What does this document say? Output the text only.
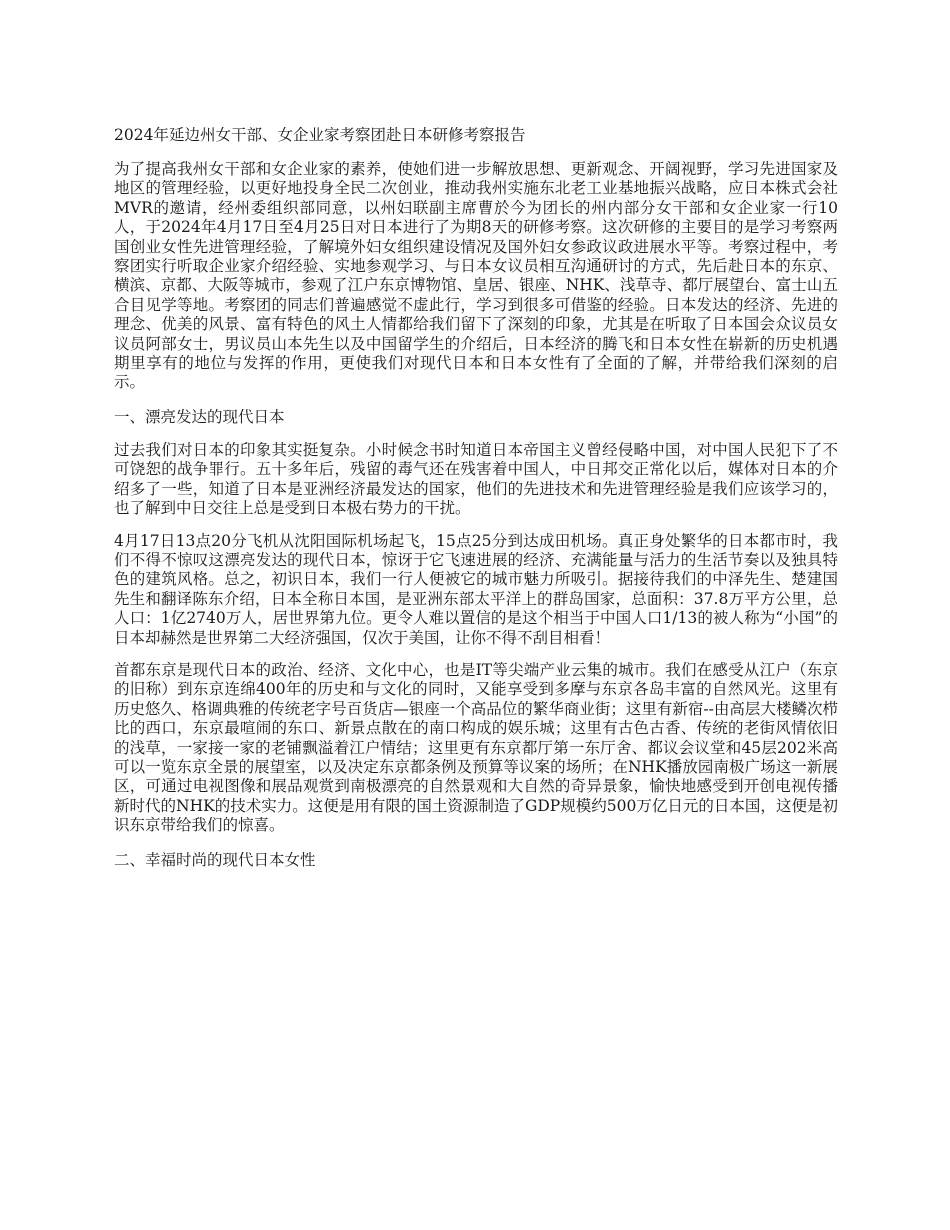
2024年延边州女干部、女企业家考察团赴日本研修考察报告

为了提高我州女干部和女企业家的素养，使她们进一步解放思想、更新观念、开阔视野，学习先进国家及地区的管理经验，以更好地投身全民二次创业，推动我州实施东北老工业基地振兴战略，应日本株式会社MVR的邀请，经州委组织部同意，以州妇联副主席曹於今为团长的州内部分女干部和女企业家一行10人，于2024年4月17日至4月25日对日本进行了为期8天的研修考察。这次研修的主要目的是学习考察两国创业女性先进管理经验，了解境外妇女组织建设情况及国外妇女参政议政进展水平等。考察过程中，考察团实行听取企业家介绍经验、实地参观学习、与日本女议员相互沟通研讨的方式，先后赴日本的东京、横滨、京都、大阪等城市，参观了江户东京博物馆、皇居、银座、NHK、浅草寺、都厅展望台、富士山五合目见学等地。考察团的同志们普遍感觉不虚此行，学习到很多可借鉴的经验。日本发达的经济、先进的理念、优美的风景、富有特色的风土人情都给我们留下了深刻的印象，尤其是在听取了日本国会众议员女议员阿部女士，男议员山本先生以及中国留学生的介绍后，日本经济的腾飞和日本女性在崭新的历史机遇期里享有的地位与发挥的作用，更使我们对现代日本和日本女性有了全面的了解，并带给我们深刻的启示。

一、漂亮发达的现代日本

过去我们对日本的印象其实挺复杂。小时候念书时知道日本帝国主义曾经侵略中国，对中国人民犯下了不可饶恕的战争罪行。五十多年后，残留的毒气还在残害着中国人，中日邦交正常化以后，媒体对日本的介绍多了一些，知道了日本是亚洲经济最发达的国家，他们的先进技术和先进管理经验是我们应该学习的，也了解到中日交往上总是受到日本极右势力的干扰。

4月17日13点20分飞机从沈阳国际机场起飞，15点25分到达成田机场。真正身处繁华的日本都市时，我们不得不惊叹这漂亮发达的现代日本，惊讶于它飞速进展的经济、充满能量与活力的生活节奏以及独具特色的建筑风格。总之，初识日本，我们一行人便被它的城市魅力所吸引。据接待我们的中泽先生、楚建国先生和翻译陈东介绍，日本全称日本国，是亚洲东部太平洋上的群岛国家，总面积：37.8万平方公里，总人口：1亿2740万人，居世界第九位。更令人难以置信的是这个相当于中国人口1/13的被人称为“小国”的日本却赫然是世界第二大经济强国，仅次于美国，让你不得不刮目相看！

首都东京是现代日本的政治、经济、文化中心，也是IT等尖端产业云集的城市。我们在感受从江户（东京的旧称）到东京连绵400年的历史和与文化的同时，又能享受到多摩与东京各岛丰富的自然风光。这里有历史悠久、格调典雅的传统老字号百货店—银座一个高品位的繁华商业街；这里有新宿--由高层大楼鳞次栉比的西口，东京最喧闹的东口、新景点散在的南口构成的娱乐城；这里有古色古香、传统的老街风情依旧的浅草，一家接一家的老铺飘溢着江户情结；这里更有东京都厅第一东厅舍、都议会议堂和45层202米高可以一览东京全景的展望室，以及决定东京都条例及预算等议案的场所；在NHK播放园南极广场这一新展区，可通过电视图像和展品观赏到南极漂亮的自然景观和大自然的奇异景象，愉快地感受到开创电视传播新时代的NHK的技术实力。这便是用有限的国土资源制造了GDP规模约500万亿日元的日本国，这便是初识东京带给我们的惊喜。

二、幸福时尚的现代日本女性
